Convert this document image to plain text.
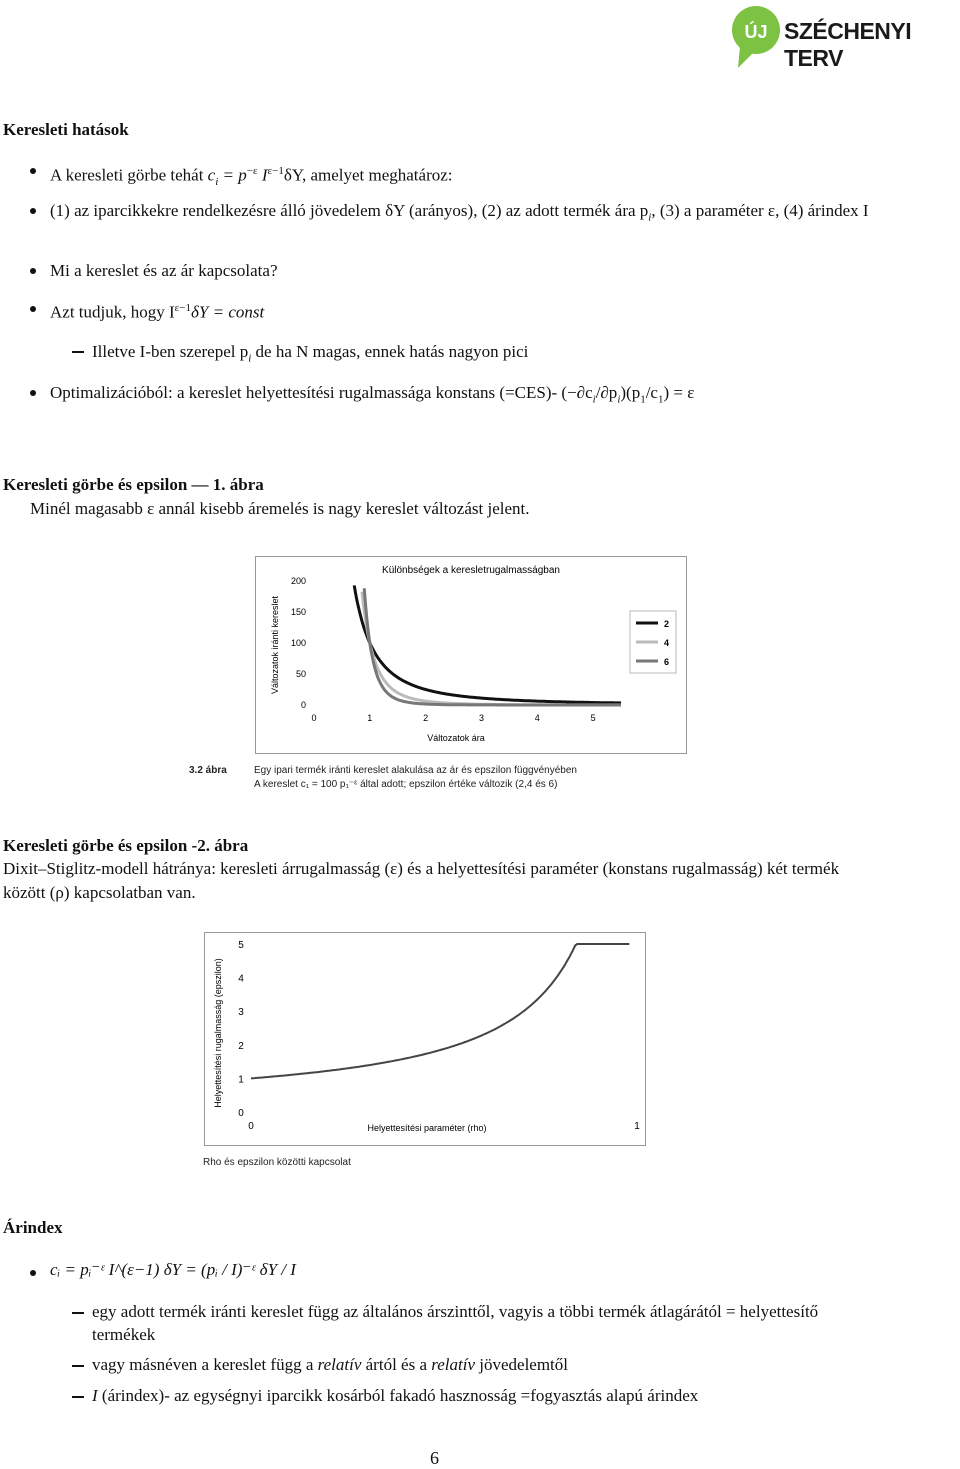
ÚJ SZÉCHENYI TERV
Keresleti hatások
A keresleti görbe tehát $c_i = p^{-\varepsilon}$ $I^{\varepsilon-1}\delta Y$, amelyet meghatároz:
(1) az iparcikkekre rendelkezésre álló jövedelem δY (arányos), (2) az adott termék ára $p_i$, (3) a paraméter ε, (4) árindex I
Mi a kereslet és az ár kapcsolata?
Azt tudjuk, hogy $I^{\varepsilon-1}\delta Y$ = const
Illetve I-ben szerepel $p_i$ de ha N magas, ennek hatás nagyon pici
Optimalizációból: a kereslet helyettesítési rugalmassága konstans (=CES)- $(-\partial c_i/\partial p_i)(p_1/c_1) = \varepsilon$
Keresleti görbe és epsilon — 1. ábra
Minél magasabb ε annál kisebb áremelés is nagy kereslet változást jelent.
Különbségek a keresletrugalmasságban
0
50
100
150
200
0	1	2	3	4	5
Változatok ára
Változatok iránti kereslet	2
4
6
3.2 ábra	Egy ipari termék iránti kereslet alakulása az ár és epszilon függvényében
A kereslet c₁ = 100 p₁⁻ᵋ által adott; epszilon értéke változik (2,4 és 6)
Keresleti görbe és epsilon -2. ábra
Dixit–Stiglitz-modell hátránya: keresleti árrugalmasság (ε) és a helyettesítési paraméter (konstans rugalmasság) két termék között (ρ) kapcsolatban van.
0
1
2
3
4
5
0	1
Helyettesítési paraméter (rho)
Helyettesítési rugalmasság (epszilon)
Rho és epszilon közötti kapcsolat
Árindex
cᵢ = pᵢ⁻ᵋ I^(ε−1) δY = (pᵢ / I)⁻ᵋ δY / I
egy adott termék iránti kereslet függ az általános árszinttől, vagyis a többi termék átlagárától = helyettesítő termékek
vagy másnéven a kereslet függ a relatív ártól és a relatív jövedelemtől
I (árindex)- az egységnyi iparcikk kosárból fakadó hasznosság =fogyasztás alapú árindex
6
